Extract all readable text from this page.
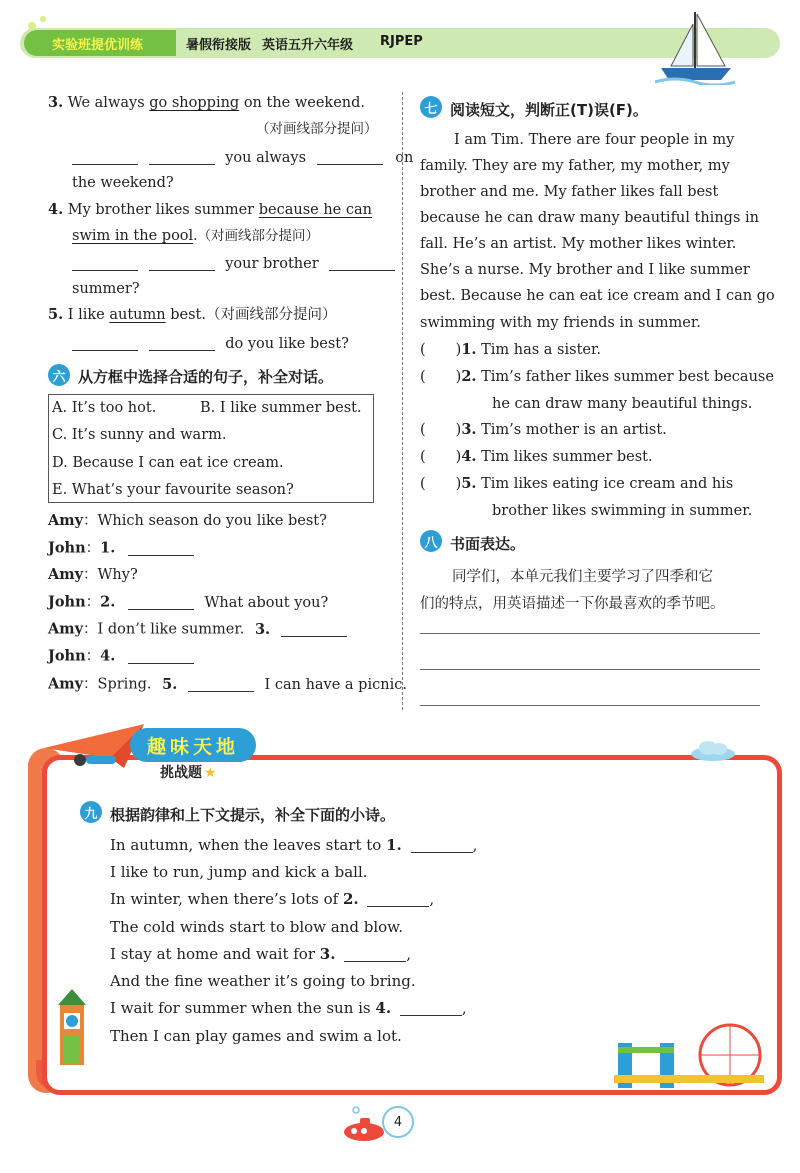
实验班提优训练	暑假衔接版 英语五升六年级 RJPEP
3. We always go shopping on the weekend.
（对画线部分提问）
you always	on
the weekend?
4. My brother likes summer because he can
swim in the pool.（对画线部分提问）
your brother
summer?
5. I like autumn best.（对画线部分提问）
do you like best?
六 从方框中选择合适的句子，补全对话。
A. It’s too hot.	B. I like summer best.
C. It’s sunny and warm.
D. Because I can eat ice cream.
E. What’s your favourite season?
Amy：Which season do you like best?
John：1.
Amy：Why?
John：2.	What about you?
Amy：I don’t like summer. 3.
John：4.
Amy：Spring. 5.	I can have a picnic.
七 阅读短文，判断正(T)误(F)。
I am Tim. There are four people in my
family. They are my father, my mother, my
brother and me. My father likes fall best
because he can draw many beautiful things in
fall. He’s an artist. My mother likes winter.
She’s a nurse. My brother and I like summer
best. Because he can eat ice cream and I can go
swimming with my friends in summer.
( )1. Tim has a sister.
( )2. Tim’s father likes summer best because
he can draw many beautiful things.
( )3. Tim’s mother is an artist.
( )4. Tim likes summer best.
( )5. Tim likes eating ice cream and his
brother likes swimming in summer.
八 书面表达。
同学们，本单元我们主要学习了四季和它
们的特点，用英语描述一下你最喜欢的季节吧。
趣味天地
挑战题 ★
九 根据韵律和上下文提示，补全下面的小诗。
In autumn, when the leaves start to 1.	,
I like to run, jump and kick a ball.
In winter, when there’s lots of 2.	,
The cold winds start to blow and blow.
I stay at home and wait for 3.	,
And the fine weather it’s going to bring.
I wait for summer when the sun is 4.	,
Then I can play games and swim a lot.
4
